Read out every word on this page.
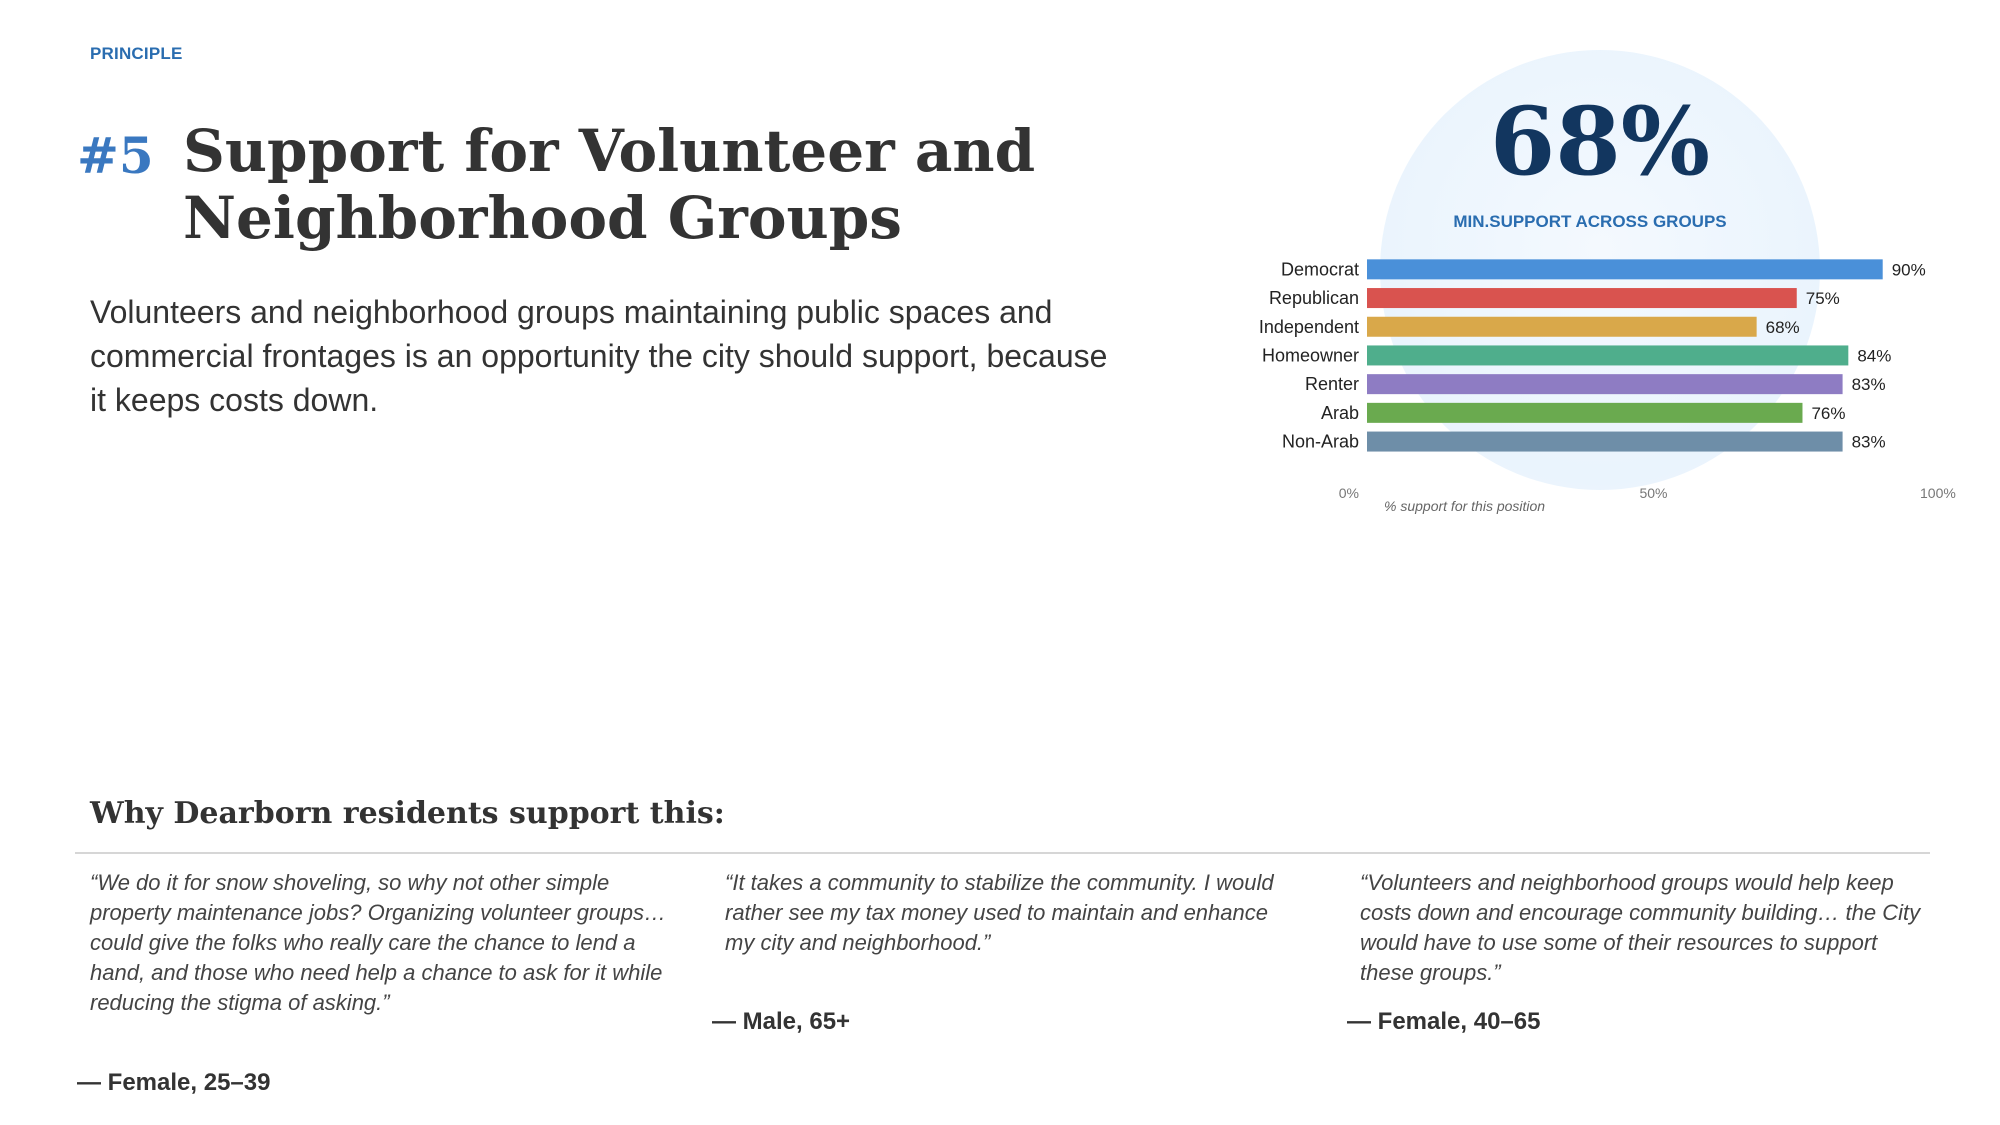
PRINCIPLE
#5 Support for Volunteer and Neighborhood Groups

Volunteers and neighborhood groups maintaining public spaces and commercial frontages is an opportunity the city should support, because it keeps costs down.

68%
MIN.SUPPORT ACROSS GROUPS
Democrat	90%
Republican	75%
Independent	68%
Homeowner	84%
Renter	83%
Arab	76%
Non-Arab	83%
0%	50%	100%
% support for this position
Why Dearborn residents support this:

“We do it for snow shoveling, so why not other simple property maintenance jobs? Organizing volunteer groups… could give the folks who really care the chance to lend a hand, and those who need help a chance to ask for it while reducing the stigma of asking.”

— Female, 25–39

“It takes a community to stabilize the community. I would rather see my tax money used to maintain and enhance my city and neighborhood.”

— Male, 65+

“Volunteers and neighborhood groups would help keep costs down and encourage community building… the City would have to use some of their resources to support these groups.”

— Female, 40–65
